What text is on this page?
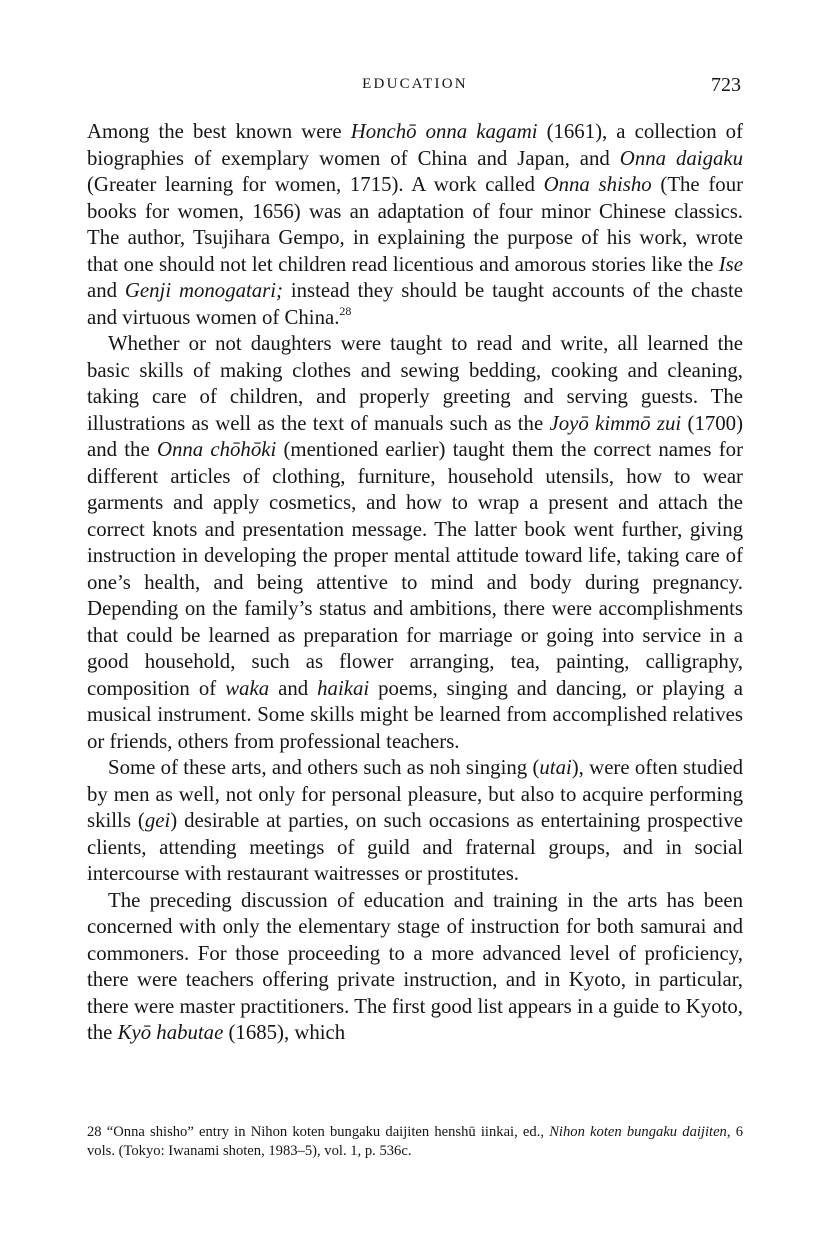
EDUCATION	723

Among the best known were Honchō onna kagami (1661), a collection of biographies of exemplary women of China and Japan, and Onna daigaku (Greater learning for women, 1715). A work called Onna shisho (The four books for women, 1656) was an adaptation of four minor Chinese classics. The author, Tsujihara Gempo, in explaining the purpose of his work, wrote that one should not let children read licentious and amorous stories like the Ise and Genji monogatari; instead they should be taught accounts of the chaste and virtuous women of China.$^{28}$

Whether or not daughters were taught to read and write, all learned the basic skills of making clothes and sewing bedding, cooking and cleaning, taking care of children, and properly greeting and serving guests. The illustrations as well as the text of manuals such as the Joyō kimmō zui (1700) and the Onna chōhōki (mentioned earlier) taught them the correct names for different articles of clothing, furniture, household utensils, how to wear garments and apply cosmetics, and how to wrap a present and attach the correct knots and presentation message. The latter book went further, giving instruction in developing the proper mental attitude toward life, taking care of one’s health, and being attentive to mind and body during pregnancy. Depending on the family’s status and ambitions, there were accomplishments that could be learned as preparation for marriage or going into service in a good household, such as flower arranging, tea, painting, calligraphy, composition of waka and haikai poems, singing and dancing, or playing a musical instrument. Some skills might be learned from accomplished relatives or friends, others from professional teachers.

Some of these arts, and others such as noh singing (utai), were often studied by men as well, not only for personal pleasure, but also to acquire performing skills (gei) desirable at parties, on such occasions as entertaining prospective clients, attending meetings of guild and fraternal groups, and in social intercourse with restaurant waitresses or prostitutes.

The preceding discussion of education and training in the arts has been concerned with only the elementary stage of instruction for both samurai and commoners. For those proceeding to a more advanced level of proficiency, there were teachers offering private instruction, and in Kyoto, in particular, there were master practitioners. The first good list appears in a guide to Kyoto, the Kyō habutae (1685), which

28 “Onna shisho” entry in Nihon koten bungaku daijiten henshū iinkai, ed., Nihon koten bungaku daijiten, 6 vols. (Tokyo: Iwanami shoten, 1983–5), vol. 1, p. 536c.
